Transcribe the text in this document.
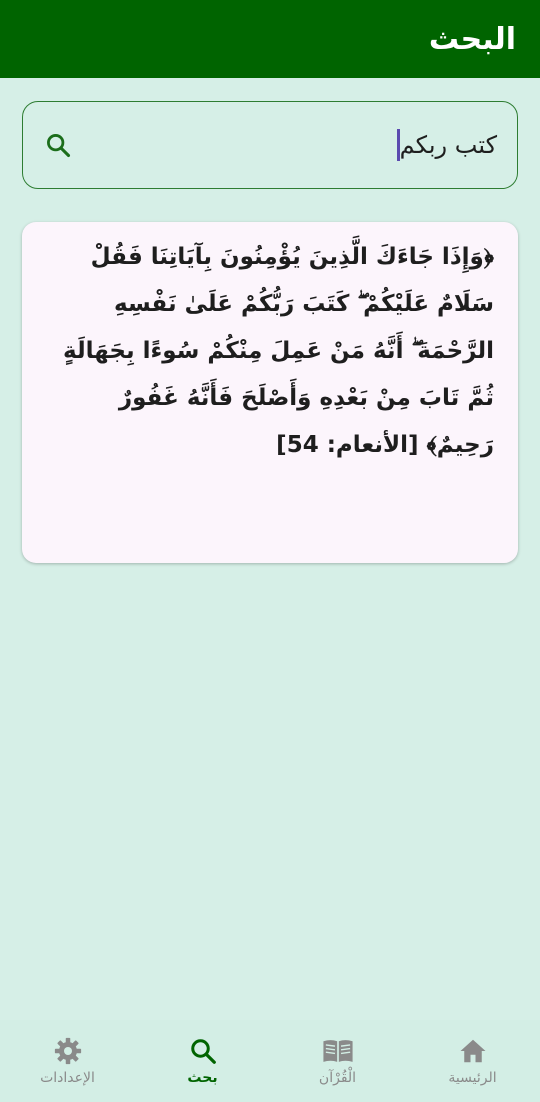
البحث
كتب ربكم
﴿وَإِذَا جَاءَكَ الَّذِينَ يُؤْمِنُونَ بِآيَاتِنَا فَقُلْ سَلَامٌ عَلَيْكُمْ ۖ كَتَبَ رَبُّكُمْ عَلَىٰ نَفْسِهِ الرَّحْمَةَ ۖ أَنَّهُ مَنْ عَمِلَ مِنْكُمْ سُوءًا بِجَهَالَةٍ ثُمَّ تَابَ مِنْ بَعْدِهِ وَأَصْلَحَ فَأَنَّهُ غَفُورٌ رَحِيمٌ﴾ [الأنعام: 54]
الإعدادات	بحث	الْقُرْآن	الرئيسية
